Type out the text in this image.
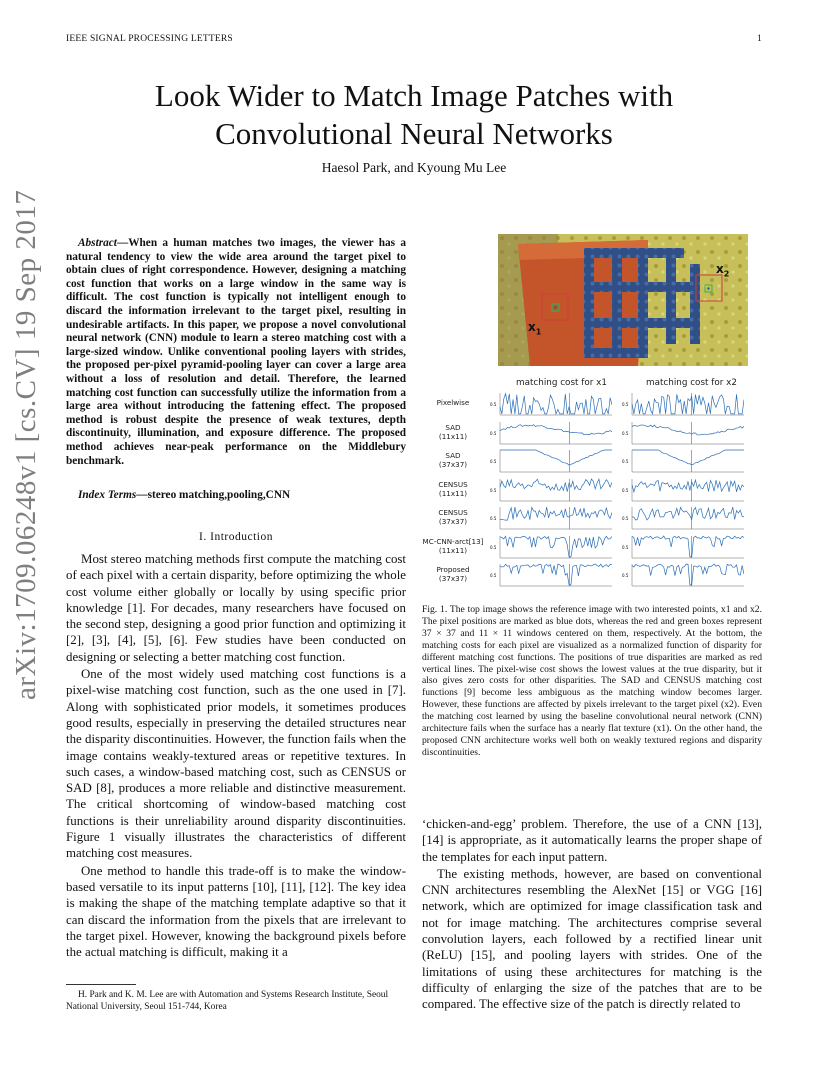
IEEE SIGNAL PROCESSING LETTERS	1
arXiv:1709.06248v1 [cs.CV] 19 Sep 2017
Look Wider to Match Image Patches with
Convolutional Neural Networks
Haesol Park, and Kyoung Mu Lee
Abstract—When a human matches two images, the viewer has a natural tendency to view the wide area around the target pixel to obtain clues of right correspondence. However, designing a matching cost function that works on a large window in the same way is difficult. The cost function is typically not intelligent enough to discard the information irrelevant to the target pixel, resulting in undesirable artifacts. In this paper, we propose a novel convolutional neural network (CNN) module to learn a stereo matching cost with a large-sized window. Unlike conventional pooling layers with strides, the proposed per-pixel pyramid-pooling layer can cover a large area without a loss of resolution and detail. Therefore, the learned matching cost function can successfully utilize the information from a large area without introducing the fattening effect. The proposed method is robust despite the presence of weak textures, depth discontinuity, illumination, and exposure difference. The proposed method achieves near-peak performance on the Middlebury benchmark.
Index Terms—stereo matching,pooling,CNN
I. Introduction

Most stereo matching methods first compute the matching cost of each pixel with a certain disparity, before optimizing the whole cost volume either globally or locally by using specific prior knowledge [1]. For decades, many researchers have focused on the second step, designing a good prior function and optimizing it [2], [3], [4], [5], [6]. Few studies have been conducted on designing or selecting a better matching cost function.

One of the most widely used matching cost functions is a pixel-wise matching cost function, such as the one used in [7]. Along with sophisticated prior models, it sometimes produces good results, especially in preserving the detailed structures near the disparity discontinuities. However, the function fails when the image contains weakly-textured areas or repetitive textures. In such cases, a window-based matching cost, such as CENSUS or SAD [8], produces a more reliable and distinctive measurement. The critical shortcoming of window-based matching cost functions is their unreliability around disparity discontinuities. Figure 1 visually illustrates the characteristics of different matching cost measures.

One method to handle this trade-off is to make the window-based versatile to its input patterns [10], [11], [12]. The key idea is making the shape of the matching template adaptive so that it can discard the information from the pixels that are irrelevant to the target pixel. However, knowing the background pixels before the actual matching is difficult, making it a

H. Park and K. M. Lee are with Automation and Systems Research Institute, Seoul National University, Seoul 151-744, Korea
$x_1$
$x_2$
matching cost for x1	matching cost for x2
Pixelwise	0.5	0.5
SAD
(11x11)	0.5	0.5
SAD
(37x37)	0.5	0.5
CENSUS
(11x11)	0.5	0.5
CENSUS
(37x37)	0.5	0.5
MC-CNN-arct[13]
(11x11)	0.5	0.5
Proposed
(37x37)	0.5	0.5
Fig. 1. The top image shows the reference image with two interested points, x1 and x2. The pixel positions are marked as blue dots, whereas the red and green boxes represent 37 × 37 and 11 × 11 windows centered on them, respectively. At the bottom, the matching costs for each pixel are visualized as a normalized function of disparity for different matching cost functions. The positions of true disparities are marked as red vertical lines. The pixel-wise cost shows the lowest values at the true disparity, but it also gives zero costs for other disparities. The SAD and CENSUS matching cost functions [9] become less ambiguous as the matching window becomes larger. However, these functions are affected by pixels irrelevant to the target pixel (x2). Even the matching cost learned by using the baseline convolutional neural network (CNN) architecture fails when the surface has a nearly flat texture (x1). On the other hand, the proposed CNN architecture works well both on weakly textured regions and disparity discontinuities.

‘chicken-and-egg’ problem. Therefore, the use of a CNN [13], [14] is appropriate, as it automatically learns the proper shape of the templates for each input pattern.

The existing methods, however, are based on conventional CNN architectures resembling the AlexNet [15] or VGG [16] network, which are optimized for image classification task and not for image matching. The architectures comprise several convolution layers, each followed by a rectified linear unit (ReLU) [15], and pooling layers with strides. One of the limitations of using these architectures for matching is the difficulty of enlarging the size of the patches that are to be compared. The effective size of the patch is directly related to
